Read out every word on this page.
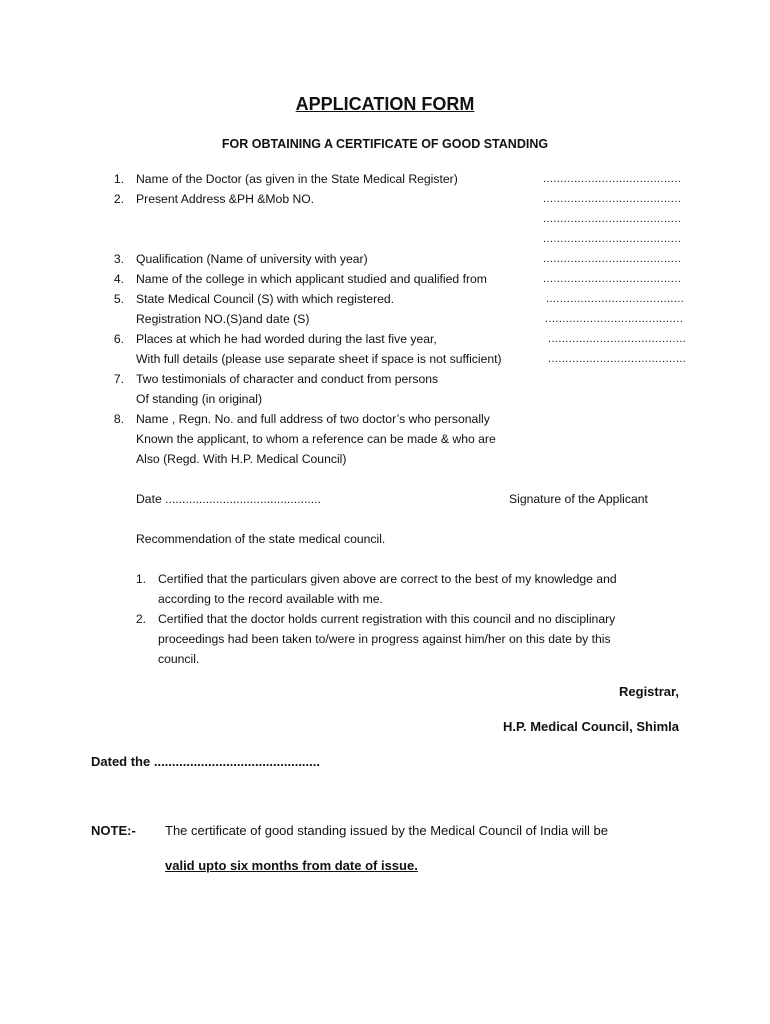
APPLICATION FORM
FOR OBTAINING A CERTIFICATE OF GOOD STANDING
1. Name of the Doctor (as given in the State Medical Register)
2. Present Address &PH &Mob NO.
3. Qualification (Name of university with year)
4. Name of the college in which applicant studied and qualified from
5. State Medical Council (S) with which registered.
Registration NO.(S)and date (S)
6. Places at which he had worded during the last five year,
With full details (please use separate sheet if space is not sufficient)
7. Two testimonials of character and conduct from persons
Of standing (in original)
8. Name , Regn. No. and full address of two doctor’s who personally
Known the applicant, to whom a reference can be made & who are
Also (Regd. With H.P. Medical Council)
........................................
........................................
........................................
........................................
........................................
........................................
........................................
........................................
........................................
........................................
Date ..............................................	Signature of the Applicant
Recommendation of the state medical council.
1. Certified that the particulars given above are correct to the best of my knowledge and
according to the record available with me.
2. Certified that the doctor holds current registration with this council and no disciplinary
proceedings had been taken to/were in progress against him/her on this date by this
council.
Registrar,
H.P. Medical Council, Shimla
Dated the ..............................................
NOTE:- The certificate of good standing issued by the Medical Council of India will be
valid upto six months from date of issue.
